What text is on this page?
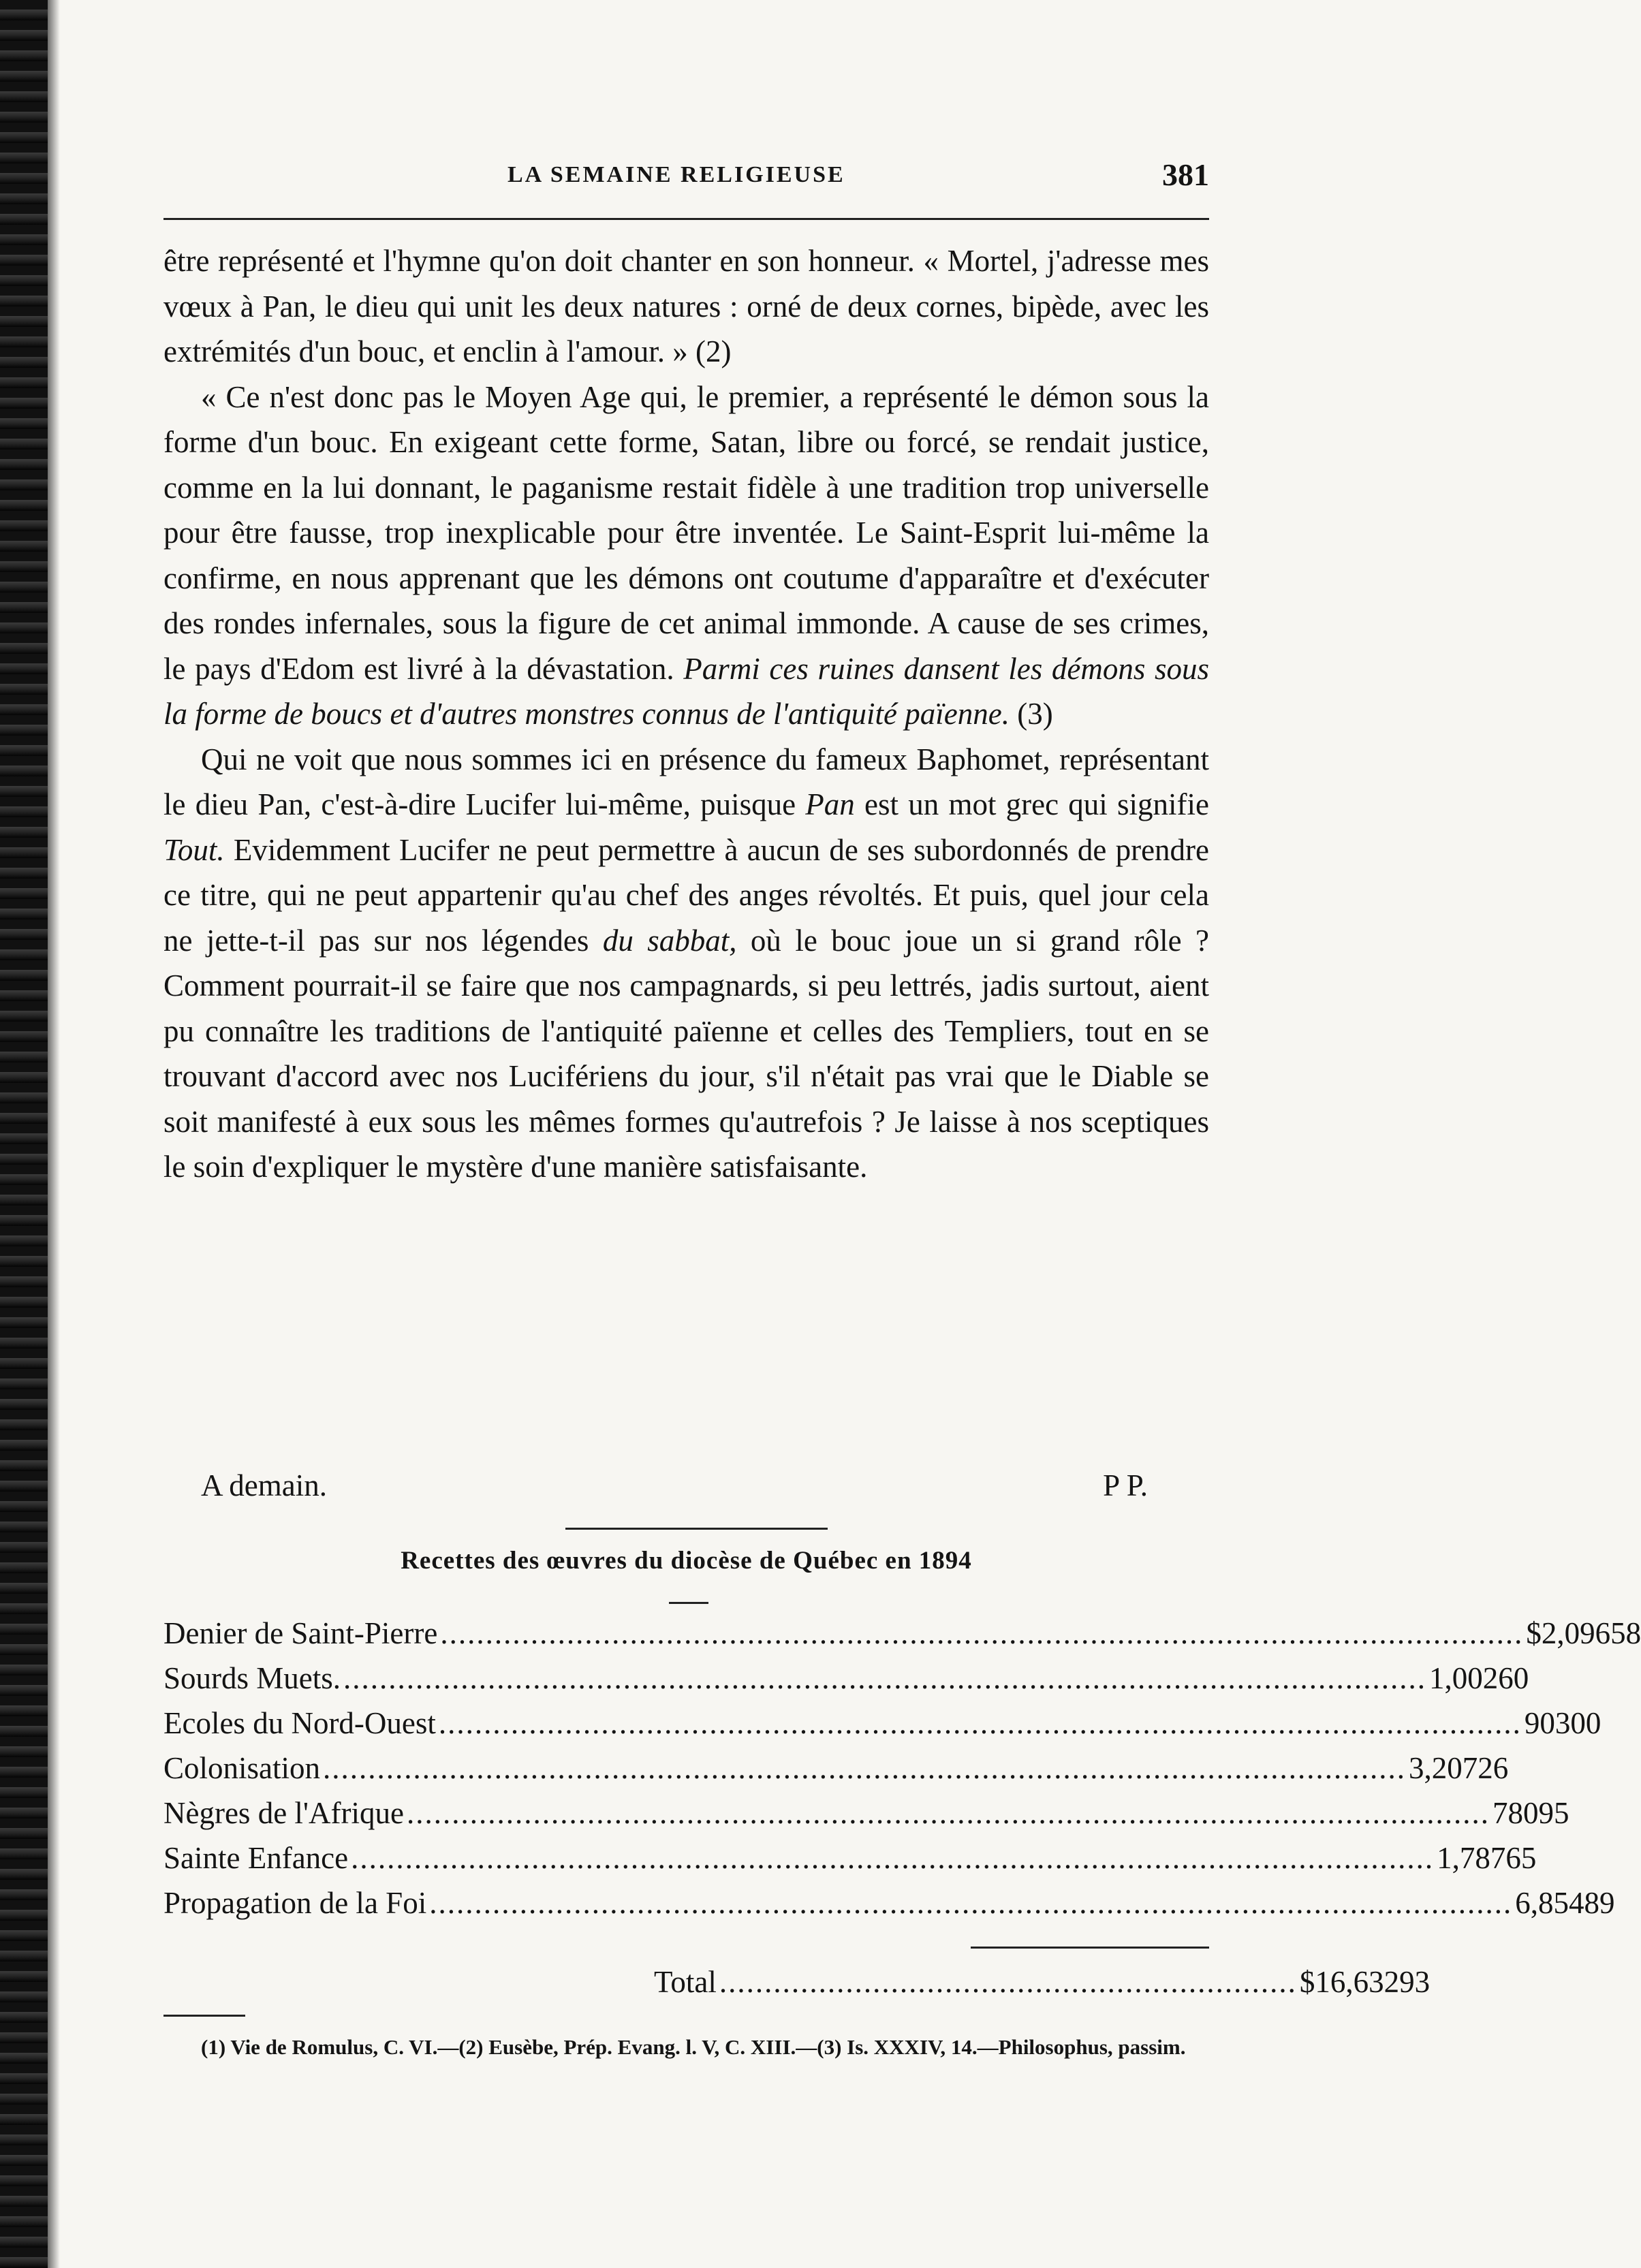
LA SEMAINE RELIGIEUSE	381

être représenté et l'hymne qu'on doit chanter en son honneur. « Mortel, j'adresse mes vœux à Pan, le dieu qui unit les deux natures : orné de deux cornes, bipède, avec les extrémités d'un bouc, et enclin à l'amour. » (2)

« Ce n'est donc pas le Moyen Age qui, le premier, a représenté le démon sous la forme d'un bouc. En exigeant cette forme, Satan, libre ou forcé, se rendait justice, comme en la lui donnant, le paganisme restait fidèle à une tradition trop universelle pour être fausse, trop inexplicable pour être inventée. Le Saint-Esprit lui-même la confirme, en nous apprenant que les démons ont coutume d'apparaître et d'exécuter des rondes infernales, sous la figure de cet animal immonde. A cause de ses crimes, le pays d'Edom est livré à la dévastation. Parmi ces ruines dansent les démons sous la forme de boucs et d'autres monstres connus de l'antiquité païenne. (3)

Qui ne voit que nous sommes ici en présence du fameux Baphomet, représentant le dieu Pan, c'est-à-dire Lucifer lui-même, puisque Pan est un mot grec qui signifie Tout. Evidemment Lucifer ne peut permettre à aucun de ses subordonnés de prendre ce titre, qui ne peut appartenir qu'au chef des anges révoltés. Et puis, quel jour cela ne jette-t-il pas sur nos légendes du sabbat, où le bouc joue un si grand rôle ? Comment pourrait-il se faire que nos campagnards, si peu lettrés, jadis surtout, aient pu connaître les traditions de l'antiquité païenne et celles des Templiers, tout en se trouvant d'accord avec nos Lucifériens du jour, s'il n'était pas vrai que le Diable se soit manifesté à eux sous les mêmes formes qu'autrefois ? Je laisse à nos sceptiques le soin d'expliquer le mystère d'une manière satisfaisante.

A demain.	P P.
Recettes des œuvres du diocèse de Québec en 1894
Denier de Saint-Pierre ........................................................................................................................ $ 2,096 58
Sourds Muets. ........................................................................................................................ 1,002 60
Ecoles du Nord-Ouest ........................................................................................................................ 903 00
Colonisation ........................................................................................................................ 3,207 26
Nègres de l'Afrique ........................................................................................................................ 780 95
Sainte Enfance ........................................................................................................................ 1,787 65
Propagation de la Foi ........................................................................................................................ 6,854 89
Total ................................................................ $16,632 93

(1) Vie de Romulus, C. VI.—(2) Eusèbe, Prép. Evang. l. V, C. XIII.—(3) Is. XXXIV, 14.—Philosophus, passim.
